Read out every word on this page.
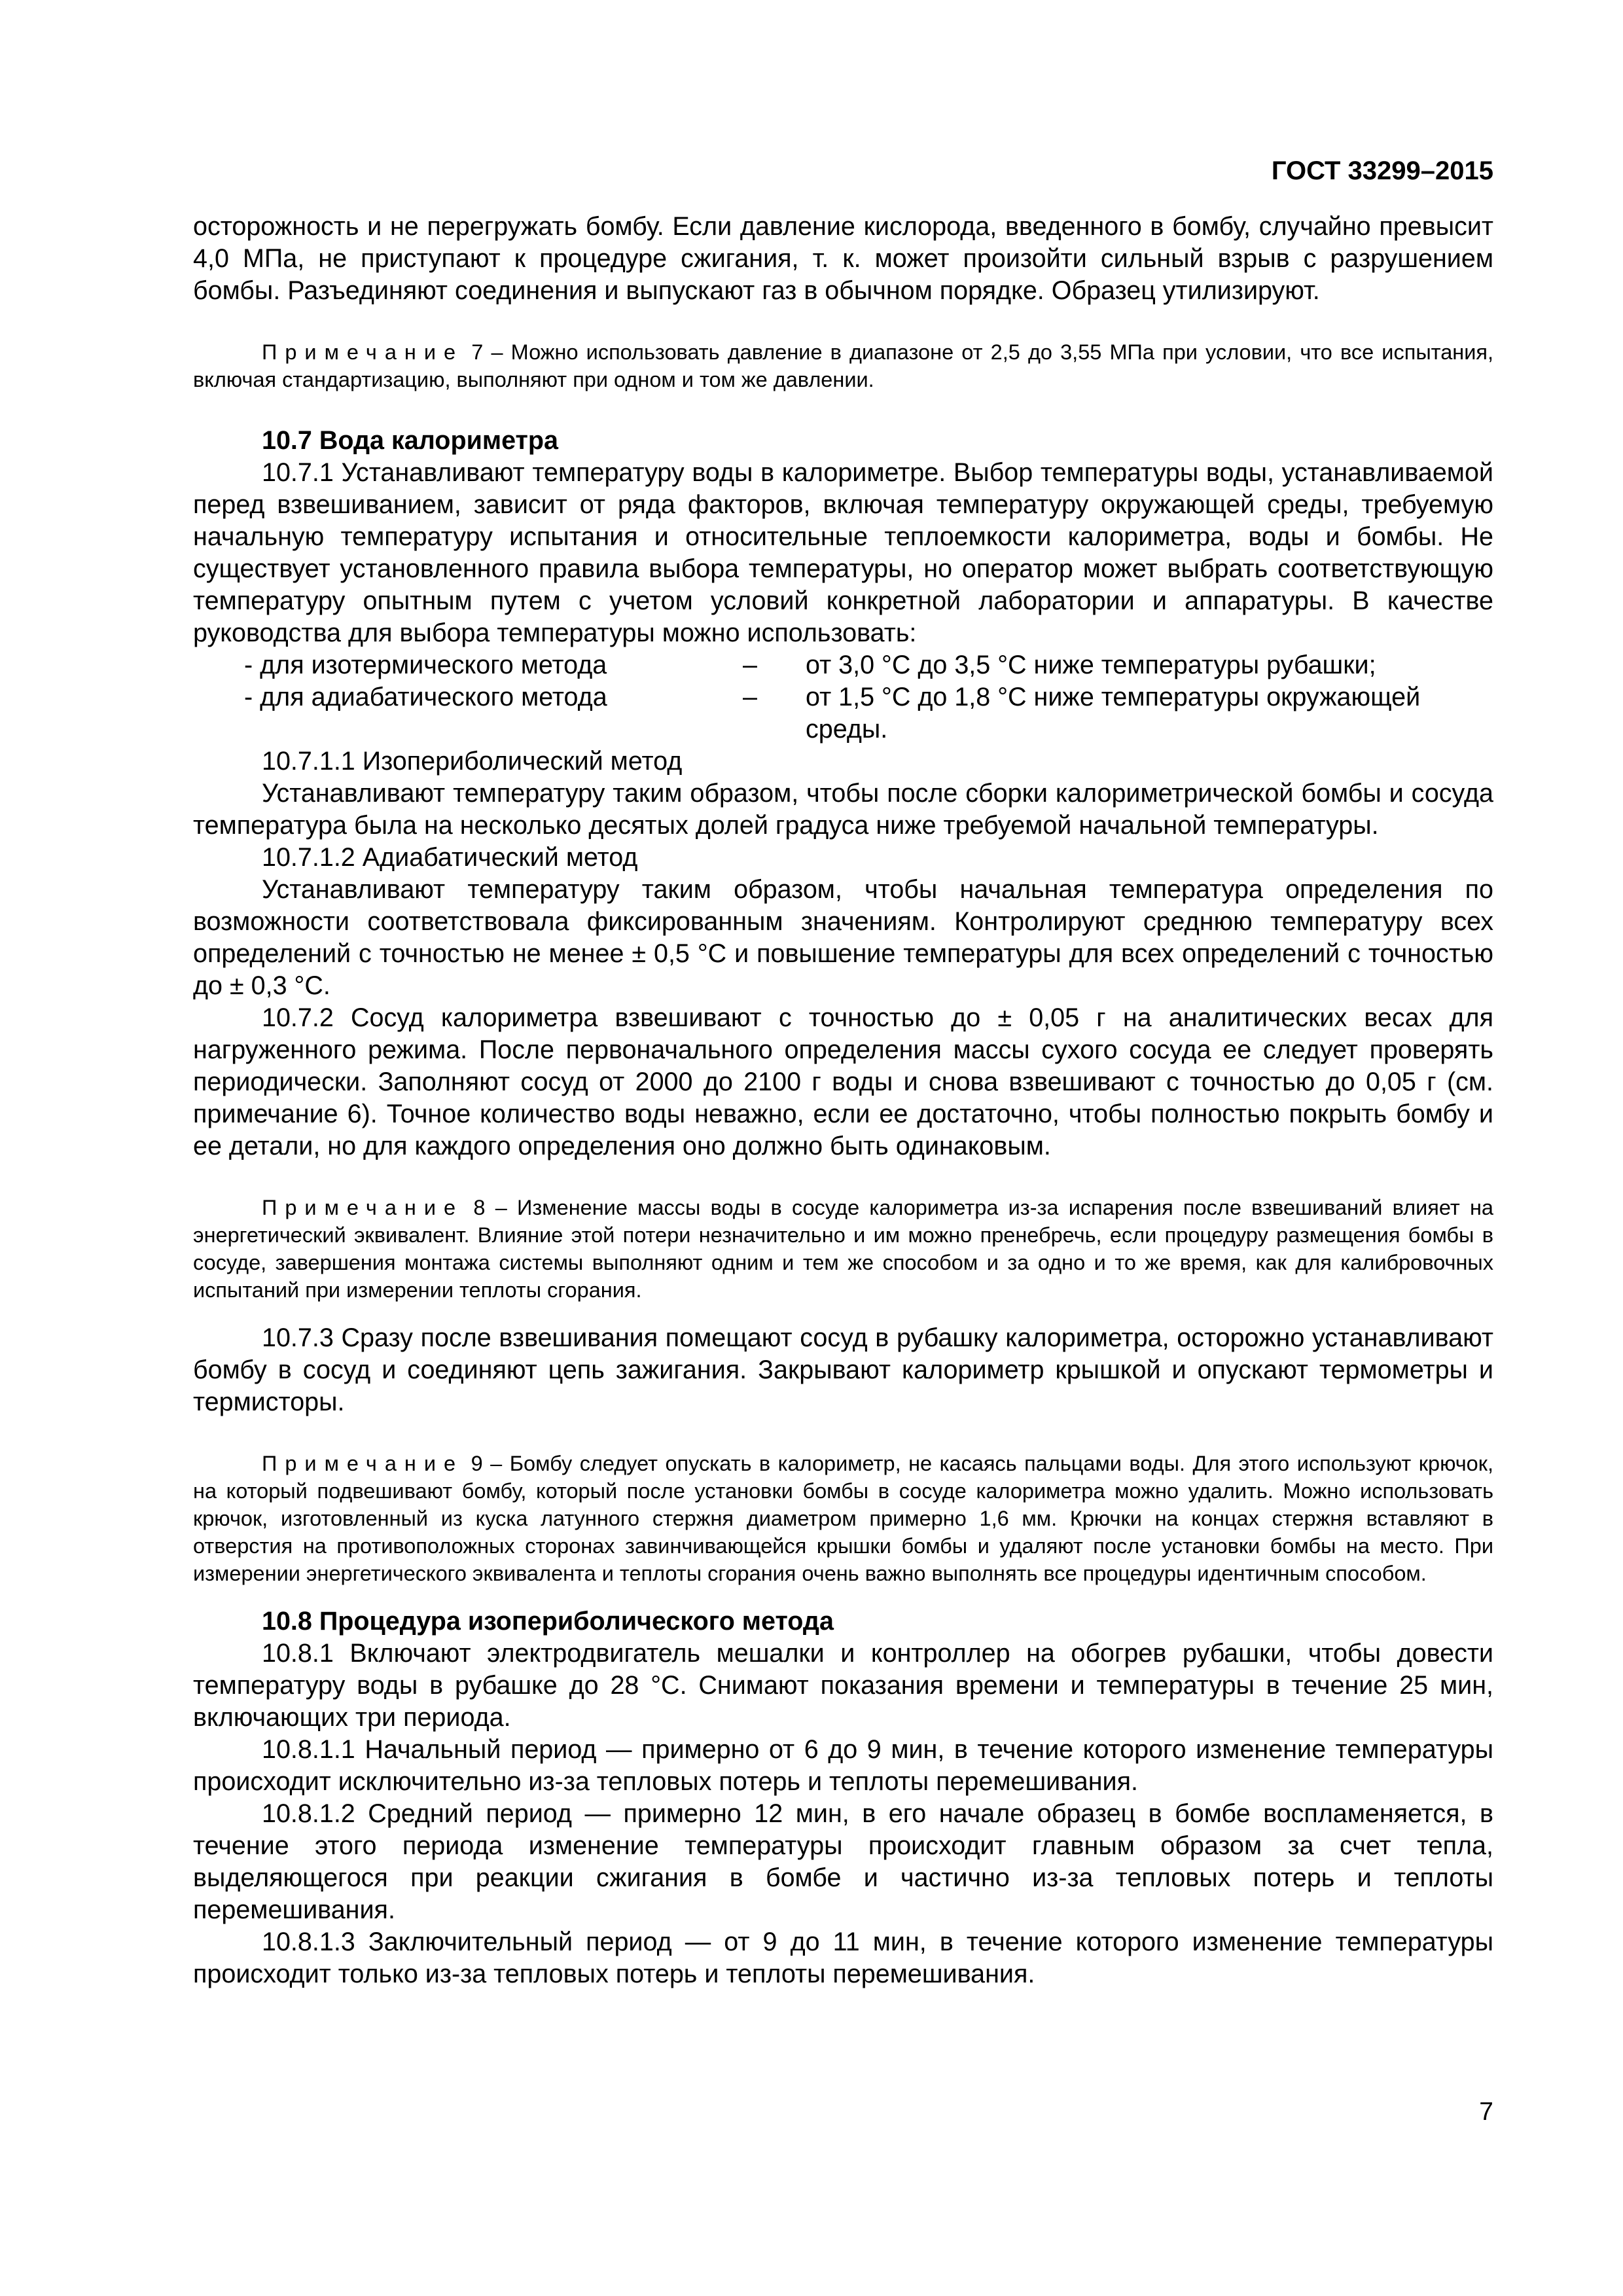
ГОСТ 33299–2015

осторожность и не перегружать бомбу. Если давление кислорода, введенного в бомбу, случайно превысит 4,0 МПа, не приступают к процедуре сжигания, т. к. может произойти сильный взрыв с разрушением бомбы. Разъединяют соединения и выпускают газ в обычном порядке. Образец утилизируют.

Примечание 7 – Можно использовать давление в диапазоне от 2,5 до 3,55 МПа при условии, что все испытания, включая стандартизацию, выполняют при одном и том же давлении.

10.7 Вода калориметра

10.7.1 Устанавливают температуру воды в калориметре. Выбор температуры воды, устанавливаемой перед взвешиванием, зависит от ряда факторов, включая температуру окружающей среды, требуемую начальную температуру испытания и относительные теплоемкости калориметра, воды и бомбы. Не существует установленного правила выбора температуры, но оператор может выбрать соответствующую температуру опытным путем с учетом условий конкретной лаборатории и аппаратуры. В качестве руководства для выбора температуры можно использовать:

- для изотермического метода	–	от 3,0 °С до 3,5 °С ниже температуры рубашки;
- для адиабатического метода	–	от 1,5 °С до 1,8 °С ниже температуры окружающей среды.

10.7.1.1 Изопериболический метод

Устанавливают температуру таким образом, чтобы после сборки калориметрической бомбы и сосуда температура была на несколько десятых долей градуса ниже требуемой начальной температуры.

10.7.1.2 Адиабатический метод

Устанавливают температуру таким образом, чтобы начальная температура определения по возможности соответствовала фиксированным значениям. Контролируют среднюю температуру всех определений с точностью не менее ± 0,5 °С и повышение температуры для всех определений с точностью до ± 0,3 °С.

10.7.2 Сосуд калориметра взвешивают с точностью до ± 0,05 г на аналитических весах для нагруженного режима. После первоначального определения массы сухого сосуда ее следует проверять периодически. Заполняют сосуд от 2000 до 2100 г воды и снова взвешивают с точностью до 0,05 г (см. примечание 6). Точное количество воды неважно, если ее достаточно, чтобы полностью покрыть бомбу и ее детали, но для каждого определения оно должно быть одинаковым.

Примечание 8 – Изменение массы воды в сосуде калориметра из-за испарения после взвешиваний влияет на энергетический эквивалент. Влияние этой потери незначительно и им можно пренебречь, если процедуру размещения бомбы в сосуде, завершения монтажа системы выполняют одним и тем же способом и за одно и то же время, как для калибровочных испытаний при измерении теплоты сгорания.

10.7.3 Сразу после взвешивания помещают сосуд в рубашку калориметра, осторожно устанавливают бомбу в сосуд и соединяют цепь зажигания. Закрывают калориметр крышкой и опускают термометры и термисторы.

Примечание 9 – Бомбу следует опускать в калориметр, не касаясь пальцами воды. Для этого используют крючок, на который подвешивают бомбу, который после установки бомбы в сосуде калориметра можно удалить. Можно использовать крючок, изготовленный из куска латунного стержня диаметром примерно 1,6 мм. Крючки на концах стержня вставляют в отверстия на противоположных сторонах завинчивающейся крышки бомбы и удаляют после установки бомбы на место. При измерении энергетического эквивалента и теплоты сгорания очень важно выполнять все процедуры идентичным способом.

10.8 Процедура изопериболического метода

10.8.1 Включают электродвигатель мешалки и контроллер на обогрев рубашки, чтобы довести температуру воды в рубашке до 28 °С. Снимают показания времени и температуры в течение 25 мин, включающих три периода.

10.8.1.1 Начальный период — примерно от 6 до 9 мин, в течение которого изменение температуры происходит исключительно из-за тепловых потерь и теплоты перемешивания.

10.8.1.2 Средний период — примерно 12 мин, в его начале образец в бомбе воспламеняется, в течение этого периода изменение температуры происходит главным образом за счет тепла, выделяющегося при реакции сжигания в бомбе и частично из-за тепловых потерь и теплоты перемешивания.

10.8.1.3 Заключительный период — от 9 до 11 мин, в течение которого изменение температуры происходит только из-за тепловых потерь и теплоты перемешивания.

7
